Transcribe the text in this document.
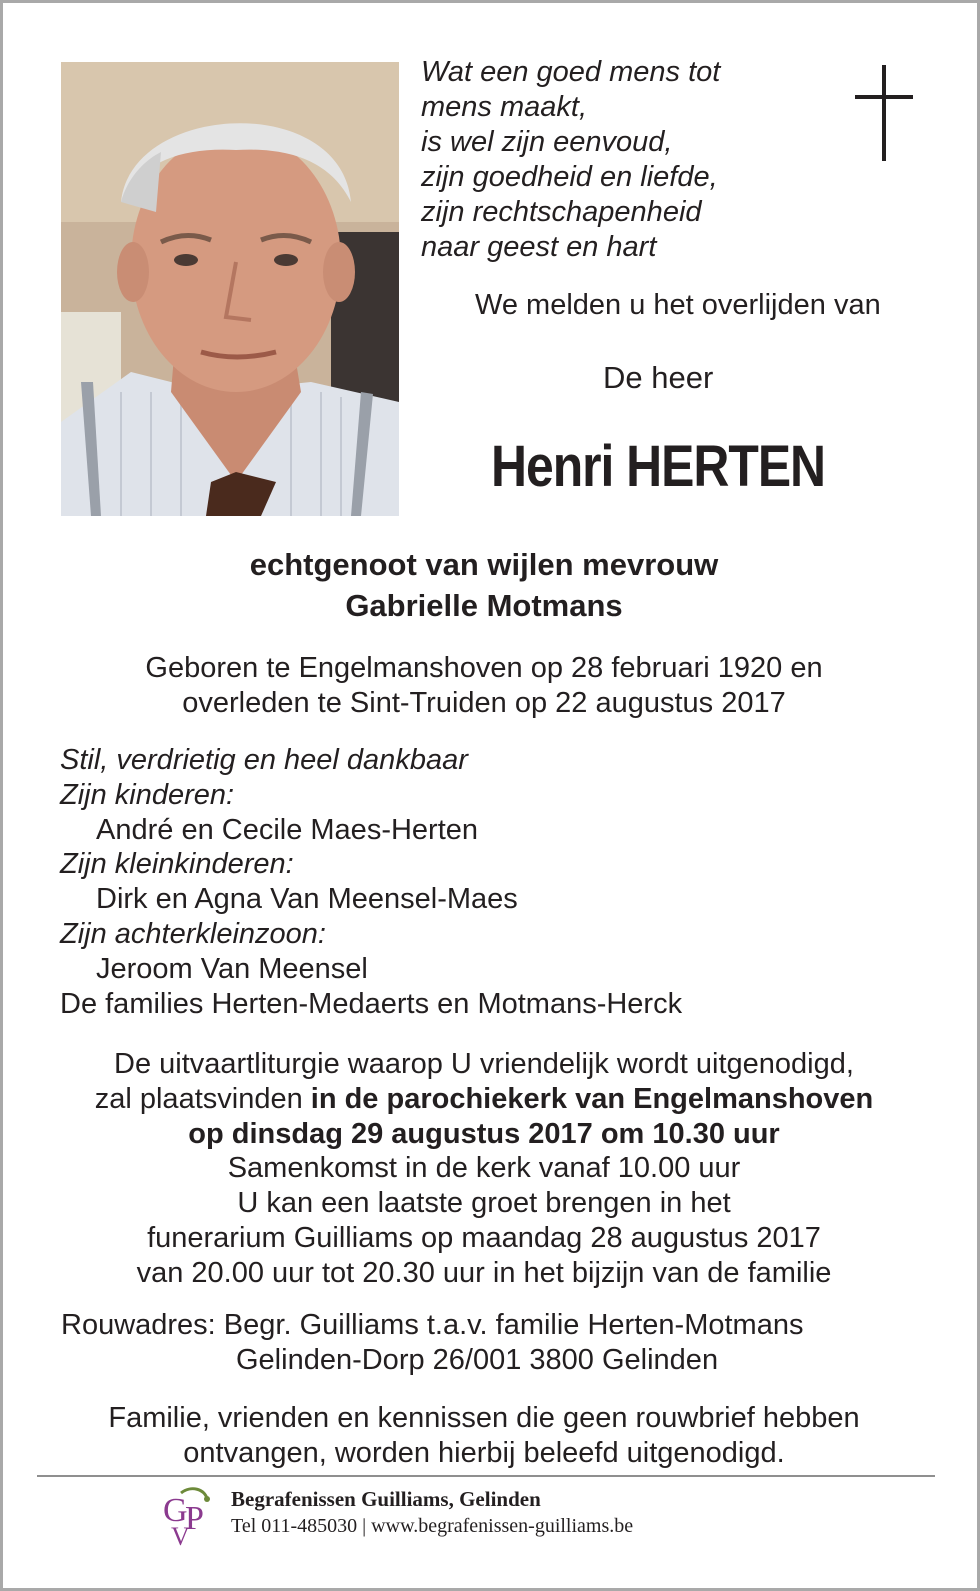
Wat een goed mens tot
mens maakt,
is wel zijn eenvoud,
zijn goedheid en liefde,
zijn rechtschapenheid
naar geest en hart
We melden u het overlijden van
De heer
Henri HERTEN
echtgenoot van wijlen mevrouw
Gabrielle Motmans
Geboren te Engelmanshoven op 28 februari 1920 en
overleden te Sint-Truiden op 22 augustus 2017
Stil, verdrietig en heel dankbaar
Zijn kinderen:
André en Cecile Maes-Herten
Zijn kleinkinderen:
Dirk en Agna Van Meensel-Maes
Zijn achterkleinzoon:
Jeroom Van Meensel
De families Herten-Medaerts en Motmans-Herck
De uitvaartliturgie waarop U vriendelijk wordt uitgenodigd,
zal plaatsvinden in de parochiekerk van Engelmanshoven
op dinsdag 29 augustus 2017 om 10.30 uur
Samenkomst in de kerk vanaf 10.00 uur
U kan een laatste groet brengen in het
funerarium Guilliams op maandag 28 augustus 2017
van 20.00 uur tot 20.30 uur in het bijzijn van de familie
Rouwadres: Begr. Guilliams t.a.v. familie Herten-Motmans
Gelinden-Dorp 26/001 3800 Gelinden
Familie, vrienden en kennissen die geen rouwbrief hebben
ontvangen, worden hierbij beleefd uitgenodigd.
G
P
V
Begrafenissen Guilliams, Gelinden
Tel 011-485030 | www.begrafenissen-guilliams.be
